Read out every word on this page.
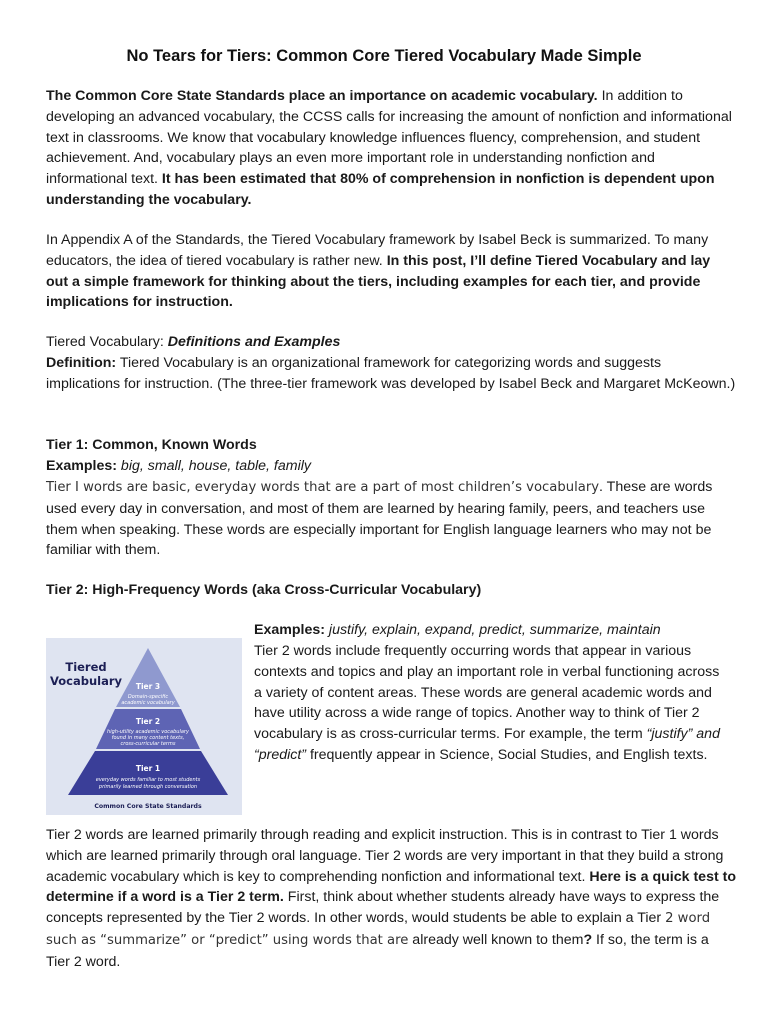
No Tears for Tiers: Common Core Tiered Vocabulary Made Simple

The Common Core State Standards place an importance on academic vocabulary. In addition to developing an advanced vocabulary, the CCSS calls for increasing the amount of nonfiction and informational text in classrooms. We know that vocabulary knowledge influences fluency, comprehension, and student achievement. And, vocabulary plays an even more important role in understanding nonfiction and informational text. It has been estimated that 80% of comprehension in nonfiction is dependent upon understanding the vocabulary.

In Appendix A of the Standards, the Tiered Vocabulary framework by Isabel Beck is summarized. To many educators, the idea of tiered vocabulary is rather new. In this post, I’ll define Tiered Vocabulary and lay out a simple framework for thinking about the tiers, including examples for each tier, and provide implications for instruction.

Tiered Vocabulary: Definitions and Examples

Definition: Tiered Vocabulary is an organizational framework for categorizing words and suggests implications for instruction. (The three-tier framework was developed by Isabel Beck and Margaret McKeown.)

Tier 1: Common, Known Words

Examples: big, small, house, table, family

Tier I words are basic, everyday words that are a part of most children’s vocabulary. These are words used every day in conversation, and most of them are learned by hearing family, peers, and teachers use them when speaking. These words are especially important for English language learners who may not be familiar with them.

Tier 2: High-Frequency Words (aka Cross-Curricular Vocabulary)

Tiered
Vocabulary Tier 3
Domain-specific
academic vocabulary
Tier 2
high-utility academic vocabulary
found in many content texts,
cross-curricular terms
Tier 1
everyday words familiar to most students
primarily learned through conversation
Common Core State Standards

Examples: justify, explain, expand, predict, summarize, maintain

Tier 2 words include frequently occurring words that appear in various contexts and topics and play an important role in verbal functioning across a variety of content areas. These words are general academic words and have utility across a wide range of topics. Another way to think of Tier 2 vocabulary is as cross-curricular terms. For example, the term “justify” and “predict” frequently appear in Science, Social Studies, and English texts.

Tier 2 words are learned primarily through reading and explicit instruction. This is in contrast to Tier 1 words which are learned primarily through oral language. Tier 2 words are very important in that they build a strong academic vocabulary which is key to comprehending nonfiction and informational text. Here is a quick test to determine if a word is a Tier 2 term. First, think about whether students already have ways to express the concepts represented by the Tier 2 words. In other words, would students be able to explain a Tier 2 word such as “summarize” or “predict” using words that are already well known to them? If so, the term is a Tier 2 word.
